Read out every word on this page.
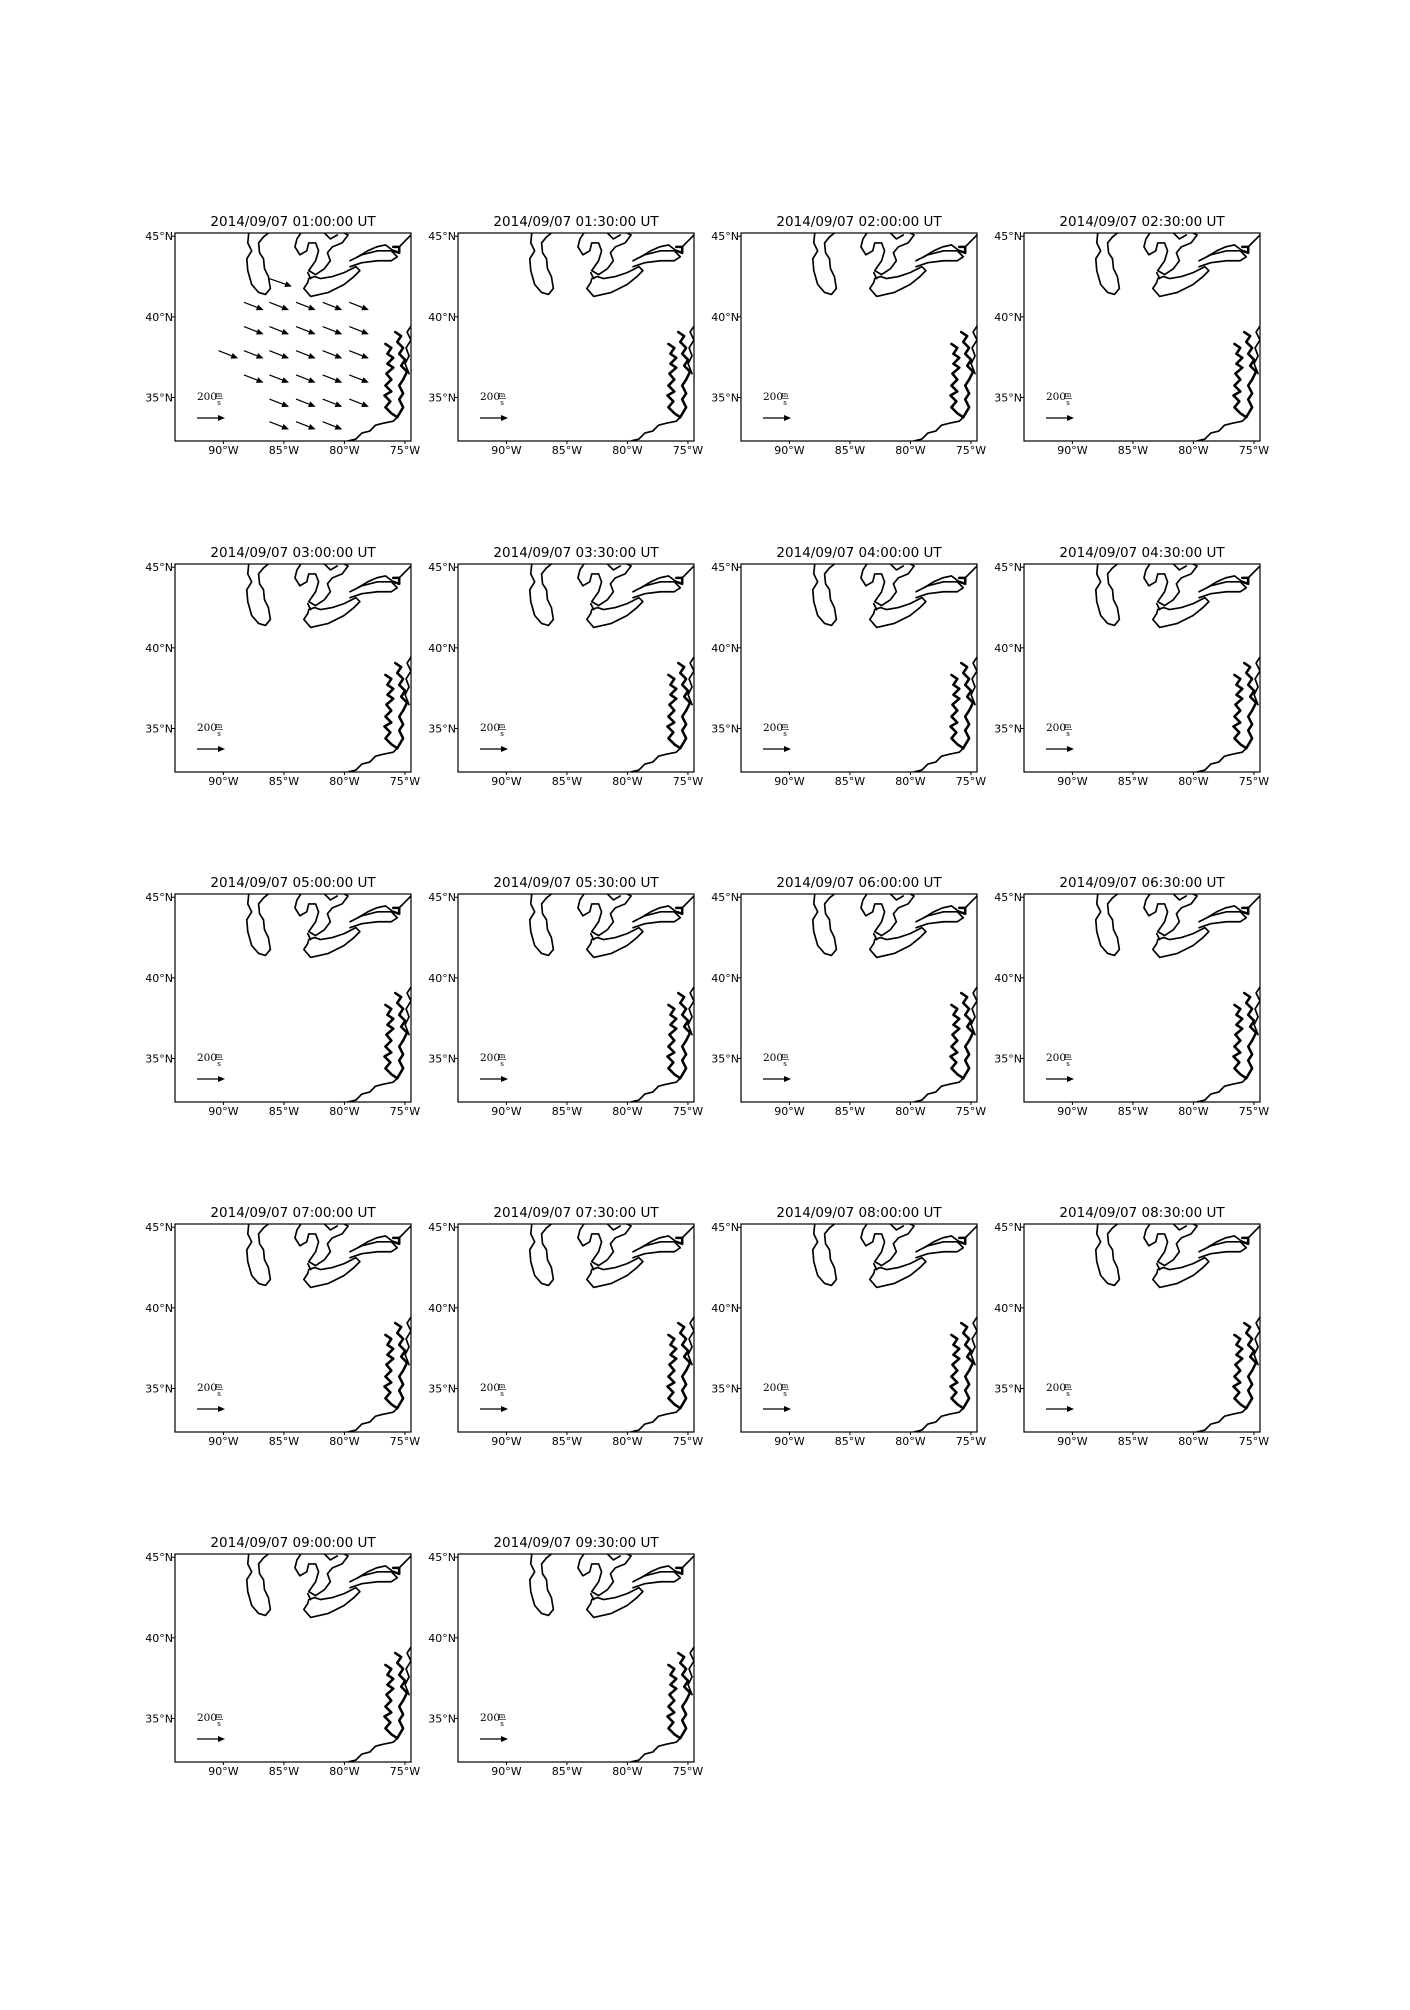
2014/09/07 01:00:00 UT
90°W	85°W	80°W	75°W
35°N
40°N
45°N
200
m
s
2014/09/07 01:30:00 UT
90°W	85°W	80°W	75°W
35°N
40°N
45°N
200
m
s
2014/09/07 02:00:00 UT
90°W	85°W	80°W	75°W
35°N
40°N
45°N
200
m
s
2014/09/07 02:30:00 UT
90°W	85°W	80°W	75°W
35°N
40°N
45°N
200
m
s
2014/09/07 03:00:00 UT
90°W	85°W	80°W	75°W
35°N
40°N
45°N
200
m
s
2014/09/07 03:30:00 UT
90°W	85°W	80°W	75°W
35°N
40°N
45°N
200
m
s
2014/09/07 04:00:00 UT
90°W	85°W	80°W	75°W
35°N
40°N
45°N
200
m
s
2014/09/07 04:30:00 UT
90°W	85°W	80°W	75°W
35°N
40°N
45°N
200
m
s
2014/09/07 05:00:00 UT
90°W	85°W	80°W	75°W
35°N
40°N
45°N
200
m
s
2014/09/07 05:30:00 UT
90°W	85°W	80°W	75°W
35°N
40°N
45°N
200
m
s
2014/09/07 06:00:00 UT
90°W	85°W	80°W	75°W
35°N
40°N
45°N
200
m
s
2014/09/07 06:30:00 UT
90°W	85°W	80°W	75°W
35°N
40°N
45°N
200
m
s
2014/09/07 07:00:00 UT
90°W	85°W	80°W	75°W
35°N
40°N
45°N
200
m
s
2014/09/07 07:30:00 UT
90°W	85°W	80°W	75°W
35°N
40°N
45°N
200
m
s
2014/09/07 08:00:00 UT
90°W	85°W	80°W	75°W
35°N
40°N
45°N
200
m
s
2014/09/07 08:30:00 UT
90°W	85°W	80°W	75°W
35°N
40°N
45°N
200
m
s
2014/09/07 09:00:00 UT
90°W	85°W	80°W	75°W
35°N
40°N
45°N
200
m
s
2014/09/07 09:30:00 UT
90°W	85°W	80°W	75°W
35°N
40°N
45°N
200
m
s
